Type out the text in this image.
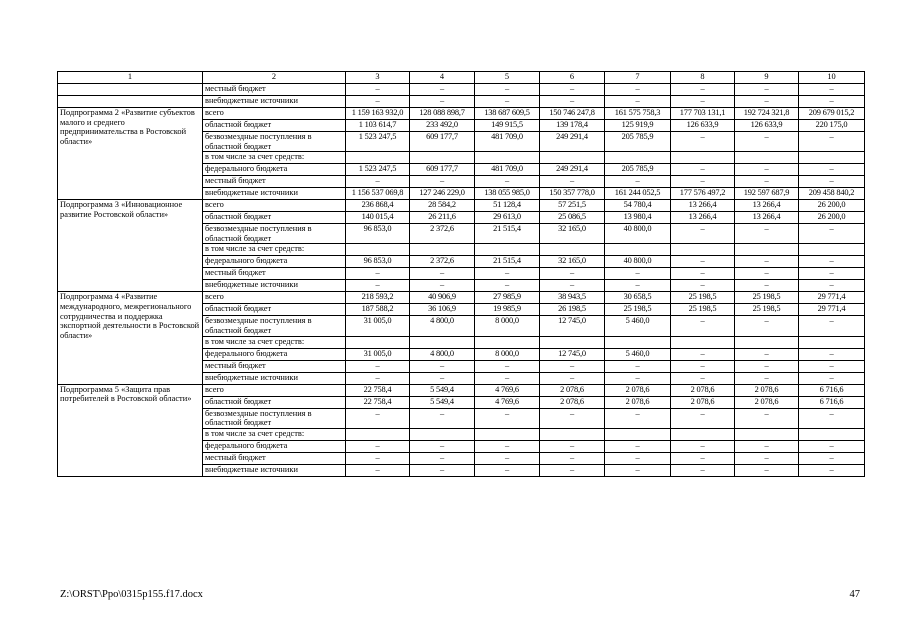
1	2	3	4	5	6	7	8	9	10
	местный бюджет	–	–	–	–	–	–	–	–
	внебюджетные источники	–	–	–	–	–	–	–	–
Подпрограмма 2 «Развитие субъектов малого и среднего предпринимательства в Ростовской области»	всего	1 159 163 932,0	128 088 898,7	138 687 609,5	150 746 247,8	161 575 758,3	177 703 131,1	192 724 321,8	209 679 015,2
	областной бюджет	1 103 614,7	233 492,0	149 915,5	139 178,4	125 919,9	126 633,9	126 633,9	220 175,0
	безвозмездные поступления в областной бюджет	1 523 247,5	609 177,7	481 709,0	249 291,4	205 785,9	–	–	–
	в том числе за счет средств:								
	федерального бюджета	1 523 247,5	609 177,7	481 709,0	249 291,4	205 785,9	–	–	–
	местный бюджет	–	–	–	–	–	–	–	–
	внебюджетные источники	1 156 537 069,8	127 246 229,0	138 055 985,0	150 357 778,0	161 244 052,5	177 576 497,2	192 597 687,9	209 458 840,2
Подпрограмма 3 «Инновационное развитие Ростовской области»	всего	236 868,4	28 584,2	51 128,4	57 251,5	54 780,4	13 266,4	13 266,4	26 200,0
	областной бюджет	140 015,4	26 211,6	29 613,0	25 086,5	13 980,4	13 266,4	13 266,4	26 200,0
	безвозмездные поступления в областной бюджет	96 853,0	2 372,6	21 515,4	32 165,0	40 800,0	–	–	–
	в том числе за счет средств:								
	федерального бюджета	96 853,0	2 372,6	21 515,4	32 165,0	40 800,0	–	–	–
	местный бюджет	–	–	–	–	–	–	–	–
	внебюджетные источники	–	–	–	–	–	–	–	–
Подпрограмма 4 «Развитие международного, межрегионального сотрудничества и поддержка экспортной деятельности в Ростовской области»	всего	218 593,2	40 906,9	27 985,9	38 943,5	30 658,5	25 198,5	25 198,5	29 771,4
	областной бюджет	187 588,2	36 106,9	19 985,9	26 198,5	25 198,5	25 198,5	25 198,5	29 771,4
	безвозмездные поступления в областной бюджет	31 005,0	4 800,0	8 000,0	12 745,0	5 460,0	–	–	–
	в том числе за счет средств:								
	федерального бюджета	31 005,0	4 800,0	8 000,0	12 745,0	5 460,0	–	–	–
	местный бюджет	–	–	–	–	–	–	–	–
	внебюджетные источники	–	–	–	–	–	–	–	–
Подпрограмма 5 «Защита прав потребителей в Ростовской области»	всего	22 758,4	5 549,4	4 769,6	2 078,6	2 078,6	2 078,6	2 078,6	6 716,6
	областной бюджет	22 758,4	5 549,4	4 769,6	2 078,6	2 078,6	2 078,6	2 078,6	6 716,6
	безвозмездные поступления в областной бюджет	–	–	–	–	–	–	–	–
	в том числе за счет средств:								
	федерального бюджета	–	–	–	–	–	–	–	–
	местный бюджет	–	–	–	–	–	–	–	–
	внебюджетные источники	–	–	–	–	–	–	–	–
Z:\ORST\Ppo\0315p155.f17.docx	47
